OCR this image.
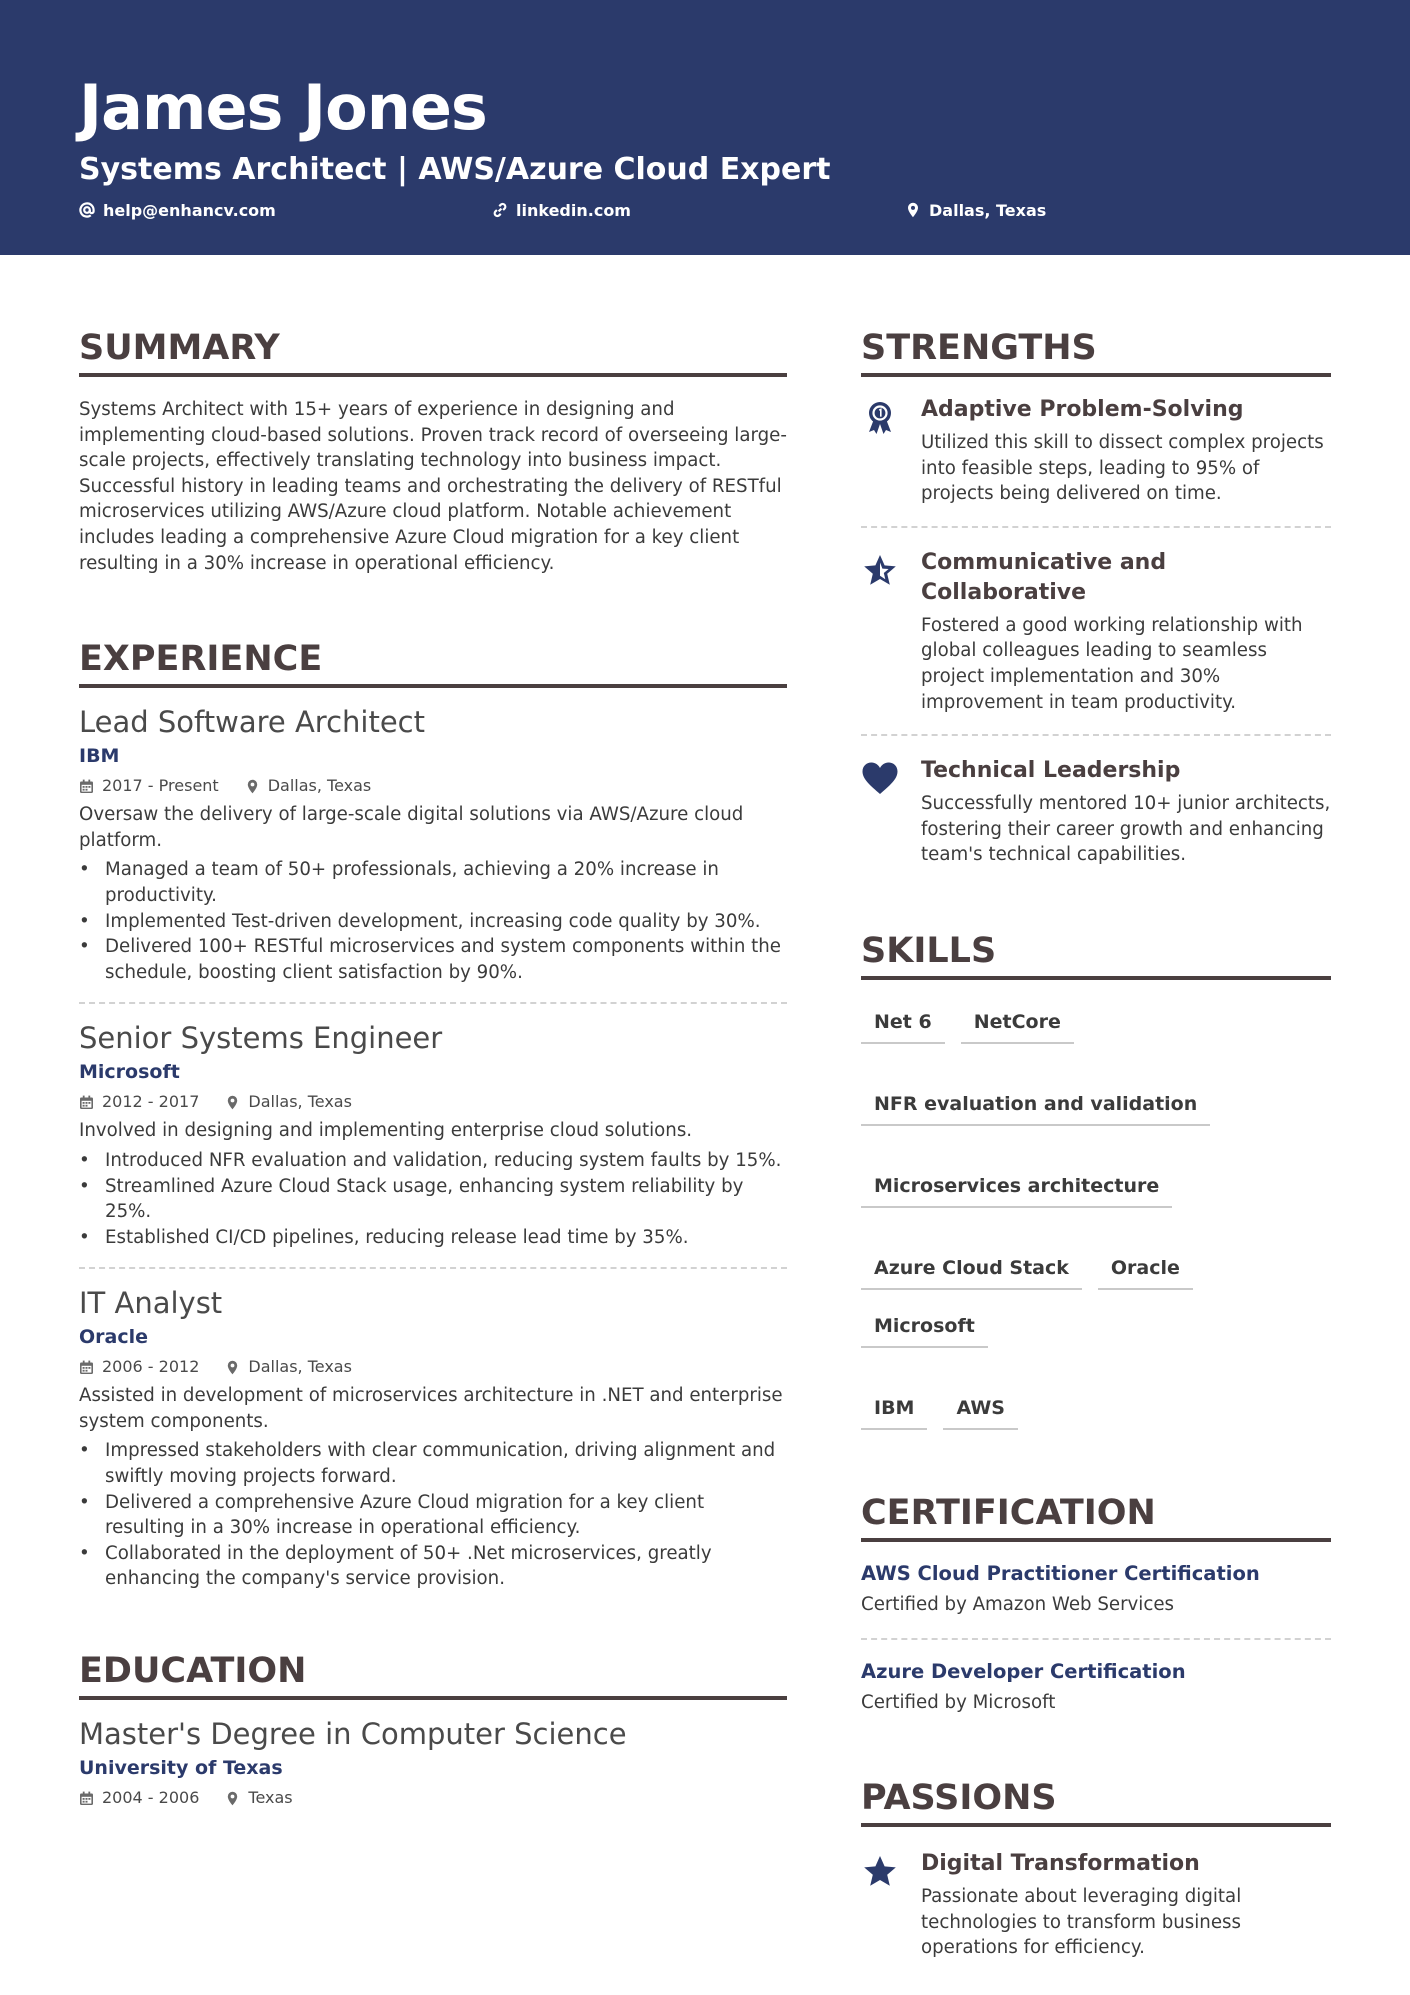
James Jones
Systems Architect | AWS/Azure Cloud Expert
help@enhancv.com	linkedin.com	Dallas, Texas
SUMMARY
Systems Architect with 15+ years of experience in designing and implementing cloud-based solutions. Proven track record of overseeing large-scale projects, effectively translating technology into business impact. Successful history in leading teams and orchestrating the delivery of RESTful microservices utilizing AWS/Azure cloud platform. Notable achievement includes leading a comprehensive Azure Cloud migration for a key client resulting in a 30% increase in operational efficiency.
EXPERIENCE
Lead Software Architect
IBM
2017 - Present	Dallas, Texas
Oversaw the delivery of large-scale digital solutions via AWS/Azure cloud platform.
• Managed a team of 50+ professionals, achieving a 20% increase in productivity.
• Implemented Test-driven development, increasing code quality by 30%.
• Delivered 100+ RESTful microservices and system components within the schedule, boosting client satisfaction by 90%.
Senior Systems Engineer
Microsoft
2012 - 2017	Dallas, Texas
Involved in designing and implementing enterprise cloud solutions.
• Introduced NFR evaluation and validation, reducing system faults by 15%.
• Streamlined Azure Cloud Stack usage, enhancing system reliability by 25%.
• Established CI/CD pipelines, reducing release lead time by 35%.
IT Analyst
Oracle
2006 - 2012	Dallas, Texas
Assisted in development of microservices architecture in .NET and enterprise system components.
• Impressed stakeholders with clear communication, driving alignment and swiftly moving projects forward.
• Delivered a comprehensive Azure Cloud migration for a key client resulting in a 30% increase in operational efficiency.
• Collaborated in the deployment of 50+ .Net microservices, greatly enhancing the company's service provision.
EDUCATION
Master's Degree in Computer Science
University of Texas
2004 - 2006	Texas
STRENGTHS
Adaptive Problem-Solving
Utilized this skill to dissect complex projects into feasible steps, leading to 95% of projects being delivered on time.
Communicative and Collaborative
Fostered a good working relationship with global colleagues leading to seamless project implementation and 30% improvement in team productivity.
Technical Leadership
Successfully mentored 10+ junior architects, fostering their career growth and enhancing team's technical capabilities.
SKILLS
Net 6	NetCore
NFR evaluation and validation
Microservices architecture
Azure Cloud Stack	Oracle
Microsoft
IBM	AWS
CERTIFICATION
AWS Cloud Practitioner Certification
Certified by Amazon Web Services
Azure Developer Certification
Certified by Microsoft
PASSIONS
Digital Transformation
Passionate about leveraging digital technologies to transform business operations for efficiency.
